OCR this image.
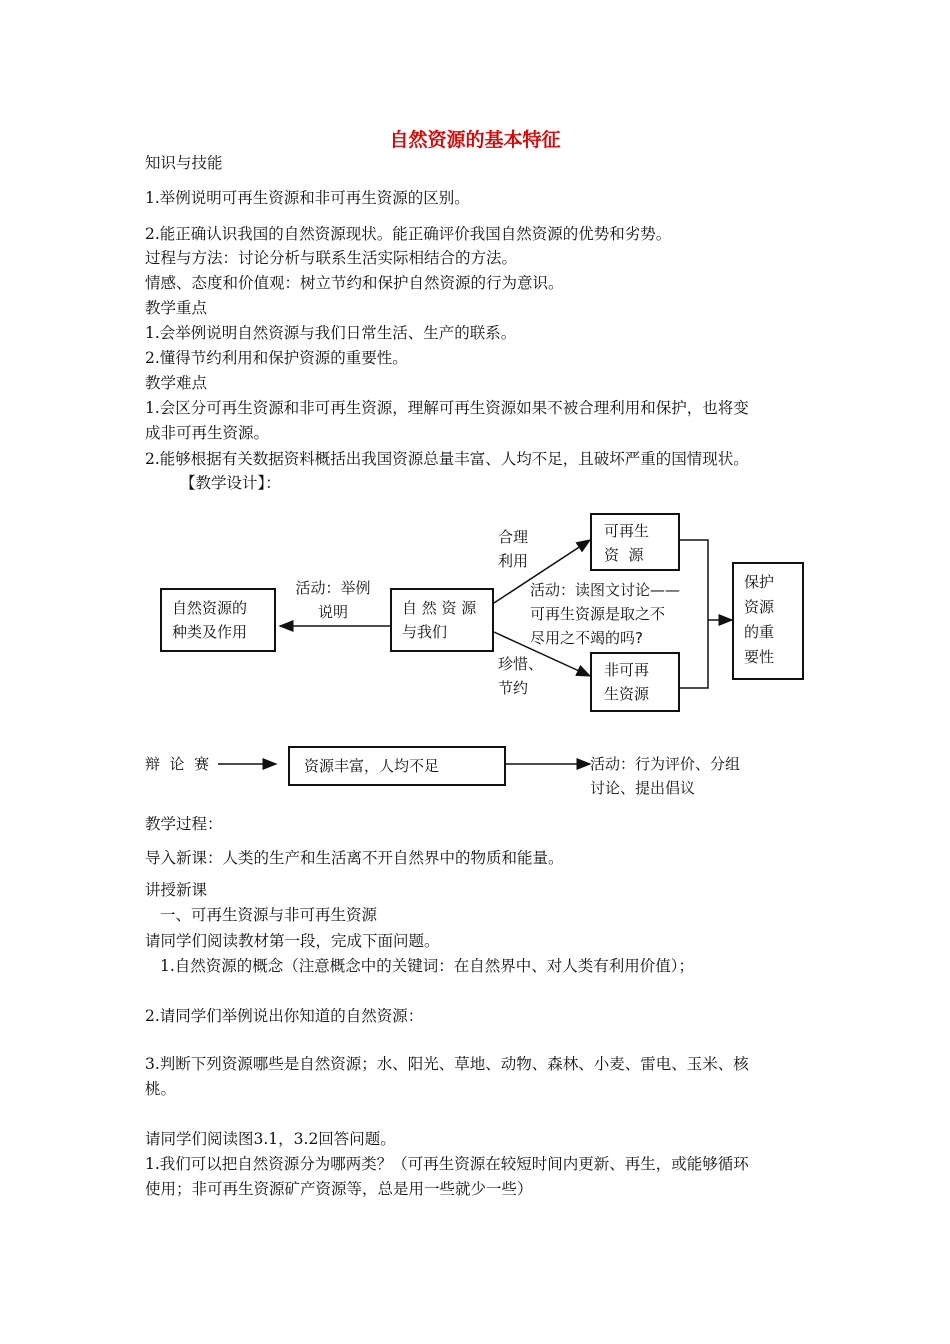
自然资源的基本特征
知识与技能
1.举例说明可再生资源和非可再生资源的区别。
2.能正确认识我国的自然资源现状。能正确评价我国自然资源的优势和劣势。
过程与方法：讨论分析与联系生活实际相结合的方法。
情感、态度和价值观：树立节约和保护自然资源的行为意识。
教学重点
1.会举例说明自然资源与我们日常生活、生产的联系。
2.懂得节约利用和保护资源的重要性。
教学难点
1.会区分可再生资源和非可再生资源，理解可再生资源如果不被合理利用和保护，也将变
成非可再生资源。
2.能够根据有关数据资料概括出我国资源总量丰富、人均不足，且破坏严重的国情现状。
【教学设计】：
自然资源的
种类及作用
自 然 资 源
与我们
可再生
资  源
非可再
生资源
保护
资源
的重
要性
活动：举例
说明
合理
利用
珍惜、
节约
活动：读图文讨论——
可再生资源是取之不
尽用之不竭的吗?
辩  论  赛	资源丰富，人均不足	活动：行为评价、分组
讨论、提出倡议
教学过程：
导入新课：人类的生产和生活离不开自然界中的物质和能量。
讲授新课
一、可再生资源与非可再生资源
请同学们阅读教材第一段，完成下面问题。
1.自然资源的概念（注意概念中的关键词：在自然界中、对人类有利用价值）；
2.请同学们举例说出你知道的自然资源：
3.判断下列资源哪些是自然资源；水、阳光、草地、动物、森林、小麦、雷电、玉米、核
桃。
请同学们阅读图3.1，3.2回答问题。
1.我们可以把自然资源分为哪两类？（可再生资源在较短时间内更新、再生，或能够循环
使用；非可再生资源矿产资源等，总是用一些就少一些）
